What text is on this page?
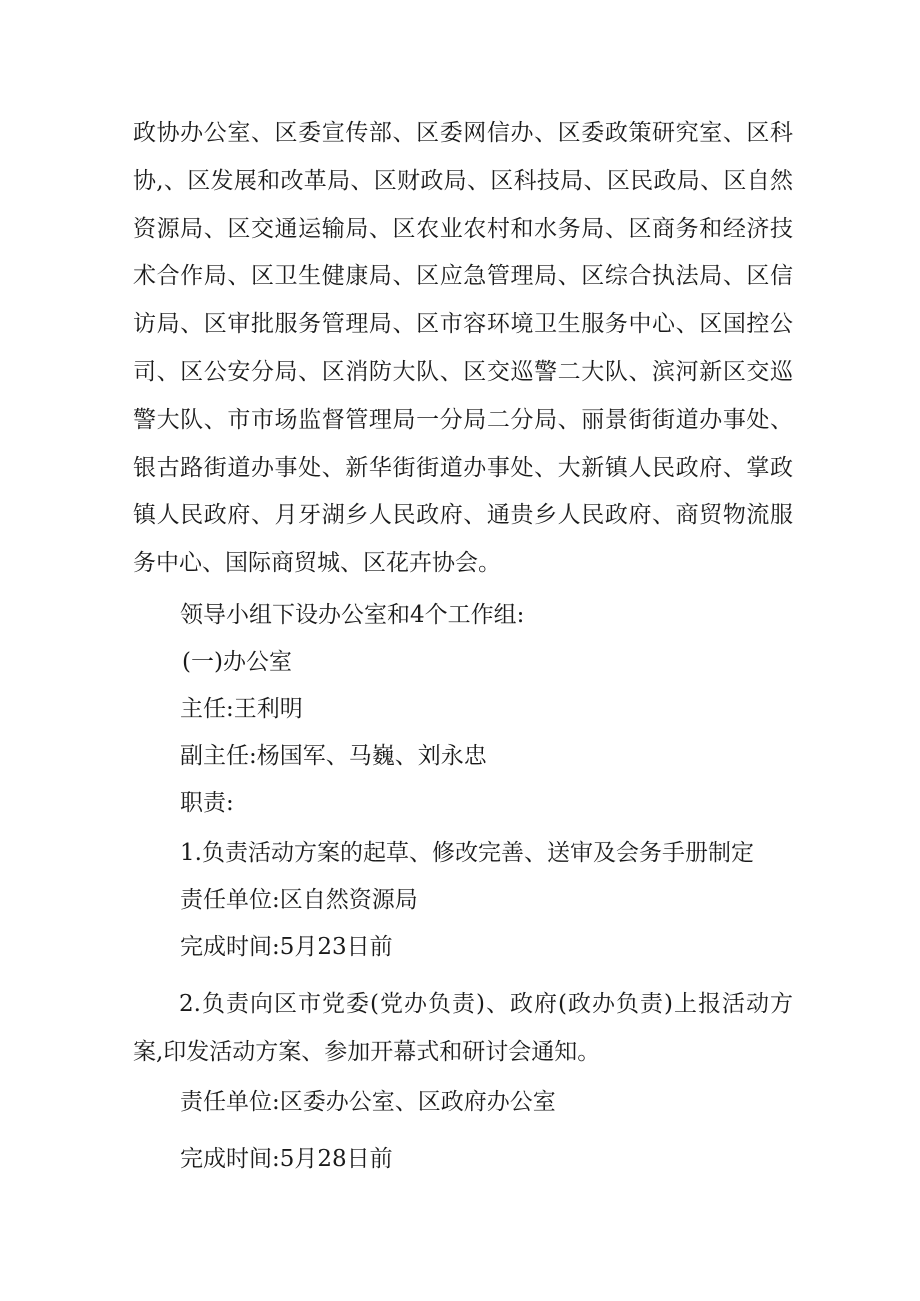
政协办公室、区委宣传部、区委网信办、区委政策研究室、区科协,、区发展和改革局、区财政局、区科技局、区民政局、区自然资源局、区交通运输局、区农业农村和水务局、区商务和经济技术合作局、区卫生健康局、区应急管理局、区综合执法局、区信访局、区审批服务管理局、区市容环境卫生服务中心、区国控公司、区公安分局、区消防大队、区交巡警二大队、滨河新区交巡警大队、市市场监督管理局一分局二分局、丽景街街道办事处、银古路街道办事处、新华街街道办事处、大新镇人民政府、掌政镇人民政府、月牙湖乡人民政府、通贵乡人民政府、商贸物流服务中心、国际商贸城、区花卉协会。
领导小组下设办公室和4个工作组:
(一)办公室
主任:王利明
副主任:杨国军、马巍、刘永忠
职责:
1.负责活动方案的起草、修改完善、送审及会务手册制定
责任单位:区自然资源局
完成时间:5月23日前
2.负责向区市党委(党办负责)、政府(政办负责)上报活动方案,印发活动方案、参加开幕式和研讨会通知。
责任单位:区委办公室、区政府办公室
完成时间:5月28日前
